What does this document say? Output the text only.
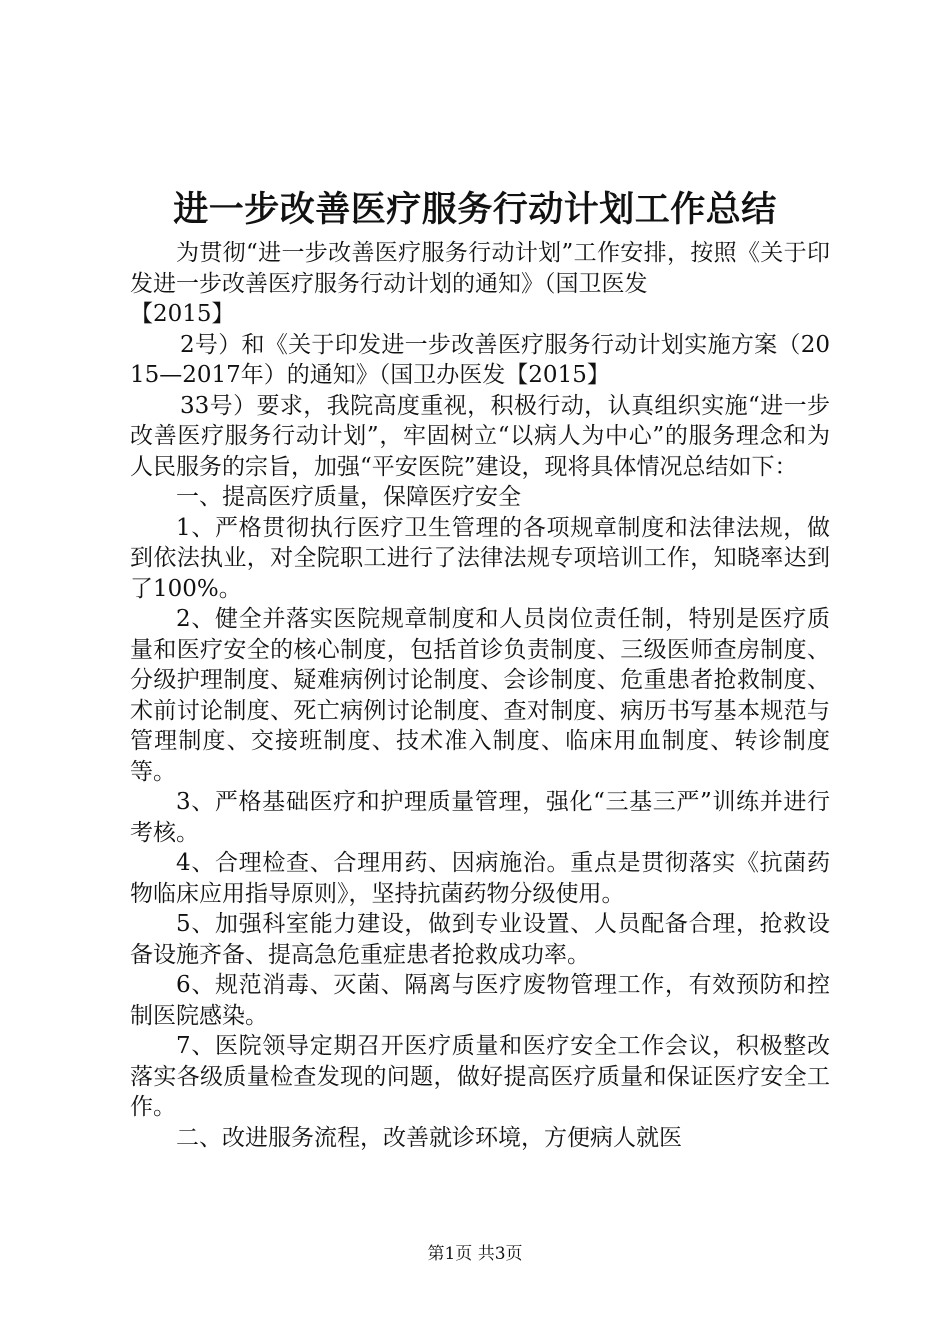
进一步改善医疗服务行动计划工作总结

为贯彻“进一步改善医疗服务行动计划”工作安排，按照《关于印发进一步改善医疗服务行动计划的通知》（国卫医发

【2015】

2号）和《关于印发进一步改善医疗服务行动计划实施方案（2015—2017年）的通知》（国卫办医发【2015】

33号）要求，我院高度重视，积极行动，认真组织实施“进一步改善医疗服务行动计划”，牢固树立“以病人为中心”的服务理念和为人民服务的宗旨，加强“平安医院”建设，现将具体情况总结如下：

一、提高医疗质量，保障医疗安全

1、严格贯彻执行医疗卫生管理的各项规章制度和法律法规，做到依法执业，对全院职工进行了法律法规专项培训工作，知晓率达到了100%。

2、健全并落实医院规章制度和人员岗位责任制，特别是医疗质量和医疗安全的核心制度，包括首诊负责制度、三级医师查房制度、分级护理制度、疑难病例讨论制度、会诊制度、危重患者抢救制度、术前讨论制度、死亡病例讨论制度、查对制度、病历书写基本规范与管理制度、交接班制度、技术准入制度、临床用血制度、转诊制度等。

3、严格基础医疗和护理质量管理，强化“三基三严”训练并进行考核。

4、合理检查、合理用药、因病施治。重点是贯彻落实《抗菌药物临床应用指导原则》，坚持抗菌药物分级使用。

5、加强科室能力建设，做到专业设置、人员配备合理，抢救设备设施齐备、提高急危重症患者抢救成功率。

6、规范消毒、灭菌、隔离与医疗废物管理工作，有效预防和控制医院感染。

7、医院领导定期召开医疗质量和医疗安全工作会议，积极整改落实各级质量检查发现的问题，做好提高医疗质量和保证医疗安全工作。

二、改进服务流程，改善就诊环境，方便病人就医

第1页 共3页
